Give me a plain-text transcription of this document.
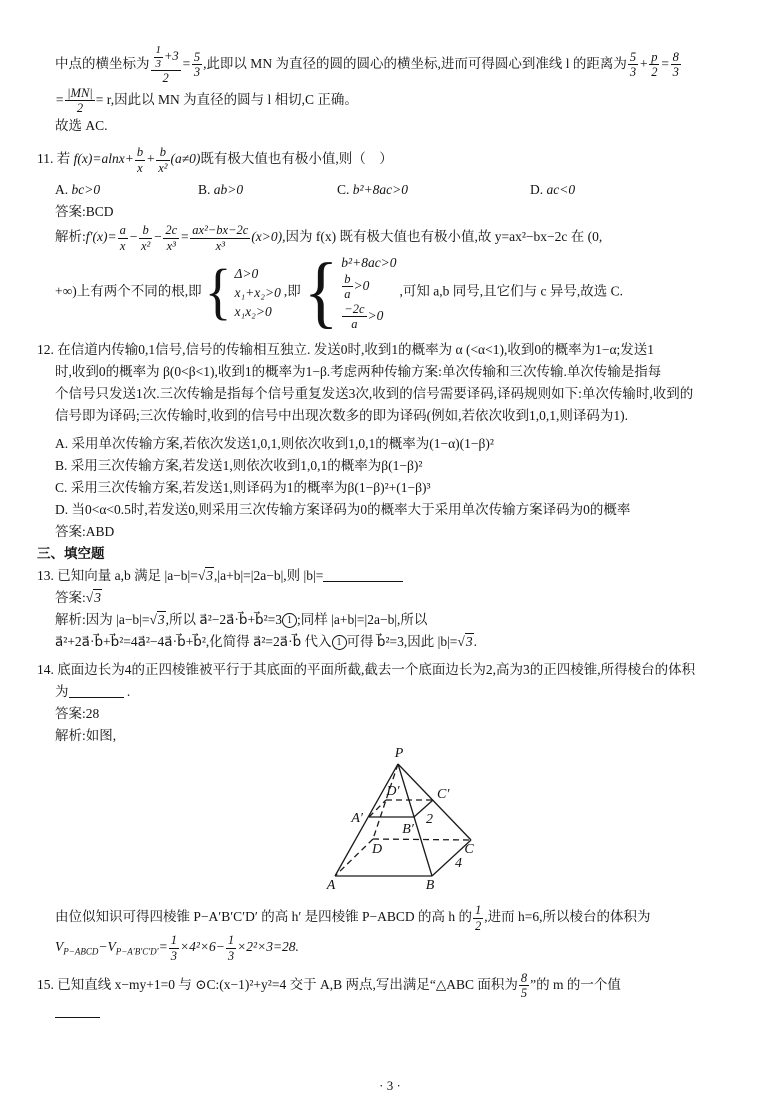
中点的横坐标为 $\frac{\frac{1}{3} +3}{2} = \frac{5}{3}$ ,此即以 MN 为直径的圆的圆心的横坐标,进而可得圆心到准线 l 的距离为 $\frac{5}{3} + \frac{p}{2} = \frac{8}{3}$
= $\frac{|MN|}{2} = r$,因此以 MN 为直径的圆与 l 相切,C 正确。
故选 AC.
11. 若 $f(x)=alnx+ \frac{b}{x} + \frac{b}{\text{x²}} (a\ne 0)$既有极大值也有极小值,则（　）
A. bc>0	B. ab>0	C. b²+8ac>0	D. ac<0
答案:BCD
解析:f′(x)= $\frac{a}{x} - \frac{b}{\text{x²}} - \frac{2c}{\text{x³}} = \frac{\text{ax²−bx−2c}}{\text{x³}} (x>0)$,因为 f(x) 既有极大值也有极小值,故 y=ax²−bx−2c 在 (0,
+∞)上有两个不同的根,即 { Δ>0
x₁+x₂>0
x₁x₂>0
,即 { b²+8ac>0
$\frac{b}{a} >0$
$\frac{-2c}{a} >0$
,可知 a,b 同号,且它们与 c 异号,故选 C.
12. 在信道内传输0,1信号,信号的传输相互独立. 发送0时,收到1的概率为 α (<α<1),收到0的概率为1−α;发送1
时,收到0的概率为 β(0<β<1),收到1的概率为1−β.考虑两种传输方案:单次传输和三次传输.单次传输是指每
个信号只发送1次.三次传输是指每个信号重复发送3次,收到的信号需要译码,译码规则如下:单次传输时,收到的
信号即为译码;三次传输时,收到的信号中出现次数多的即为译码(例如,若依次收到1,0,1,则译码为1).
A. 采用单次传输方案,若依次发送1,0,1,则依次收到1,0,1的概率为(1−α)(1−β)²
B. 采用三次传输方案,若发送1,则依次收到1,0,1的概率为β(1−β)²
C. 采用三次传输方案,若发送1,则译码为1的概率为β(1−β)²+(1−β)³
D. 当0<α<0.5时,若发送0,则采用三次传输方案译码为0的概率大于采用单次传输方案译码为0的概率
答案:ABD
三、填空题
13. 已知向量 a,b 满足 |a−b|=√3,|a+b|=|2a−b|,则 |b|=
答案:√3
解析:因为 |a−b|=√3,所以 a⃗²−2a⃗·b⃗+b⃗²=3 1 ;同样 |a+b|=|2a−b|,所以
a⃗²+2a⃗·b⃗+b⃗²=4a⃗²−4a⃗·b⃗+b⃗²,化简得 a⃗²=2a⃗·b⃗ 代入 1 可得 b⃗²=3,因此 |b|=√3.
14. 底面边长为4的正四棱锥被平行于其底面的平面所截,截去一个底面边长为2,高为3的正四棱锥,所得棱台的体积
为	.
答案:28
解析:如图,
P
D′	C′
A′
B′
2
D	C
4
A	B
由位似知识可得四棱锥 P−A′B′C′D′ 的高 h′ 是四棱锥 P−ABCD 的高 h 的 $\frac{1}{2}$ ,进而 h=6,所以棱台的体积为
$V_{P-ABCD}-V_{P-A'B'C'D'}= \frac{1}{3} \times 4^2\times 6- \frac{1}{3} \times 2^2\times 3=28$.
15. 已知直线 x−my+1=0 与 ⊙C:(x−1)²+y²=4 交于 A,B 两点,写出满足“△ABC 面积为 $\frac{8}{5}$ ”的 m 的一个值
· 3 ·
